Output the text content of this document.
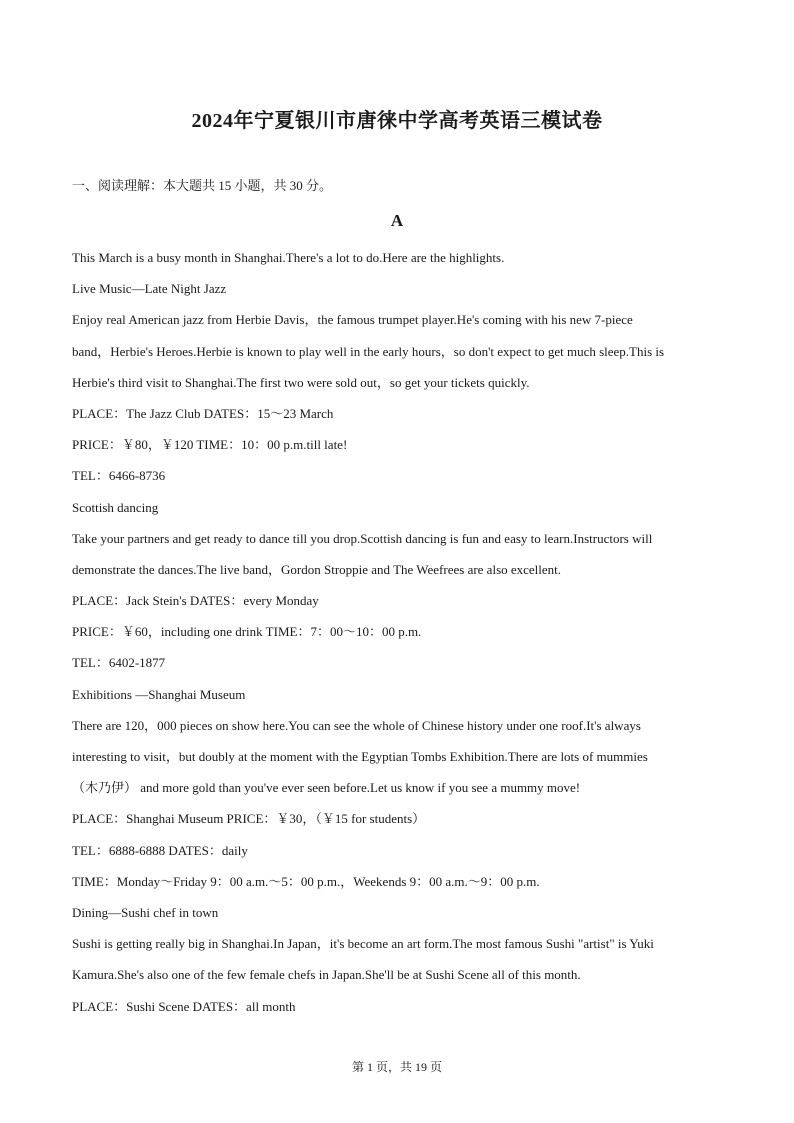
2024年宁夏银川市唐徕中学高考英语三模试卷
一、阅读理解：本大题共 15 小题，共 30 分。
A
This March is a busy month in Shanghai.There's a lot to do.Here are the highlights.
Live Music—Late Night Jazz
Enjoy real American jazz from Herbie Davis，the famous trumpet player.He's coming with his new 7-piece
band，Herbie's Heroes.Herbie is known to play well in the early hours，so don't expect to get much sleep.This is
Herbie's third visit to Shanghai.The first two were sold out，so get your tickets quickly.
PLACE：The Jazz Club DATES：15～23 March
PRICE：￥80，￥120 TIME：10：00 p.m.till late!
TEL：6466-8736
Scottish dancing
Take your partners and get ready to dance till you drop.Scottish dancing is fun and easy to learn.Instructors will
demonstrate the dances.The live band，Gordon Stroppie and The Weefrees are also excellent.
PLACE：Jack Stein's DATES：every Monday
PRICE：￥60，including one drink TIME：7：00～10：00 p.m.
TEL：6402-1877
Exhibitions —Shanghai Museum
There are 120，000 pieces on show here.You can see the whole of Chinese history under one roof.It's always
interesting to visit，but doubly at the moment with the Egyptian Tombs Exhibition.There are lots of mummies
（木乃伊） and more gold than you've ever seen before.Let us know if you see a mummy move!
PLACE：Shanghai Museum PRICE：￥30，（￥15 for students）
TEL：6888-6888 DATES：daily
TIME：Monday～Friday 9：00 a.m.～5：00 p.m.，Weekends 9：00 a.m.～9：00 p.m.
Dining—Sushi chef in town
Sushi is getting really big in Shanghai.In Japan，it's become an art form.The most famous Sushi "artist" is Yuki
Kamura.She's also one of the few female chefs in Japan.She'll be at Sushi Scene all of this month.
PLACE：Sushi Scene DATES：all month
第 1 页，共 19 页
